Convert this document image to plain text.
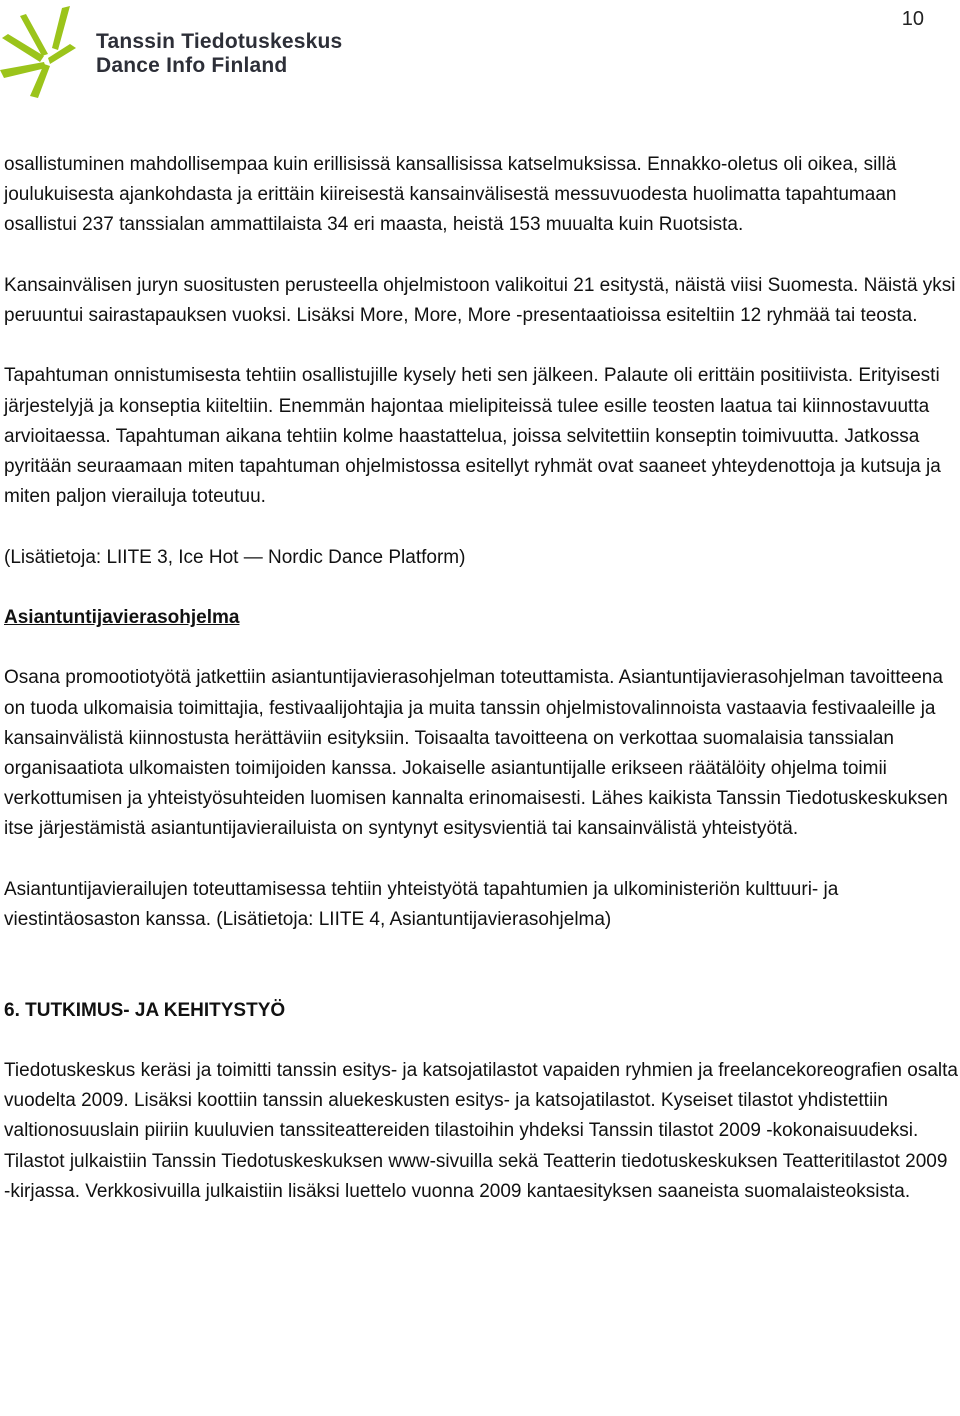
10
Tanssin Tiedotuskeskus
Dance Info Finland

osallistuminen mahdollisempaa kuin erillisissä kansallisissa katselmuksissa. Ennakko-oletus oli oikea, sillä joulukuisesta ajankohdasta ja erittäin kiireisestä kansainvälisestä messuvuodesta huolimatta tapahtumaan osallistui 237 tanssialan ammattilaista 34 eri maasta, heistä 153 muualta kuin Ruotsista.

Kansainvälisen juryn suositusten perusteella ohjelmistoon valikoitui 21 esitystä, näistä viisi Suomesta. Näistä yksi peruuntui sairastapauksen vuoksi. Lisäksi More, More, More -presentaatioissa esiteltiin 12 ryhmää tai teosta.

Tapahtuman onnistumisesta tehtiin osallistujille kysely heti sen jälkeen. Palaute oli erittäin positiivista. Erityisesti järjestelyjä ja konseptia kiiteltiin. Enemmän hajontaa mielipiteissä tulee esille teosten laatua tai kiinnostavuutta arvioitaessa. Tapahtuman aikana tehtiin kolme haastattelua, joissa selvitettiin konseptin toimivuutta. Jatkossa pyritään seuraamaan miten tapahtuman ohjelmistossa esitellyt ryhmät ovat saaneet yhteydenottoja ja kutsuja ja miten paljon vierailuja toteutuu.

(Lisätietoja: LIITE 3, Ice Hot — Nordic Dance Platform)

Asiantuntijavierasohjelma

Osana promootiotyötä jatkettiin asiantuntijavierasohjelman toteuttamista. Asiantuntijavierasohjelman tavoitteena on tuoda ulkomaisia toimittajia, festivaalijohtajia ja muita tanssin ohjelmistovalinnoista vastaavia festivaaleille ja kansainvälistä kiinnostusta herättäviin esityksiin. Toisaalta tavoitteena on verkottaa suomalaisia tanssialan organisaatiota ulkomaisten toimijoiden kanssa. Jokaiselle asiantuntijalle erikseen räätälöity ohjelma toimii verkottumisen ja yhteistyösuhteiden luomisen kannalta erinomaisesti. Lähes kaikista Tanssin Tiedotuskeskuksen itse järjestämistä asiantuntijavierailuista on syntynyt esitysvientiä tai kansainvälistä yhteistyötä.

Asiantuntijavierailujen toteuttamisessa tehtiin yhteistyötä tapahtumien ja ulkoministeriön kulttuuri- ja viestintäosaston kanssa. (Lisätietoja: LIITE 4, Asiantuntijavierasohjelma)

6. TUTKIMUS- JA KEHITYSTYÖ

Tiedotuskeskus keräsi ja toimitti tanssin esitys- ja katsojatilastot vapaiden ryhmien ja freelancekoreografien osalta vuodelta 2009. Lisäksi koottiin tanssin aluekeskusten esitys- ja katsojatilastot. Kyseiset tilastot yhdistettiin valtionosuuslain piiriin kuuluvien tanssiteattereiden tilastoihin yhdeksi Tanssin tilastot 2009 -kokonaisuudeksi. Tilastot julkaistiin Tanssin Tiedotuskeskuksen www-sivuilla sekä Teatterin tiedotuskeskuksen Teatteritilastot 2009 -kirjassa. Verkkosivuilla julkaistiin lisäksi luettelo vuonna 2009 kantaesityksen saaneista suomalaisteoksista.
